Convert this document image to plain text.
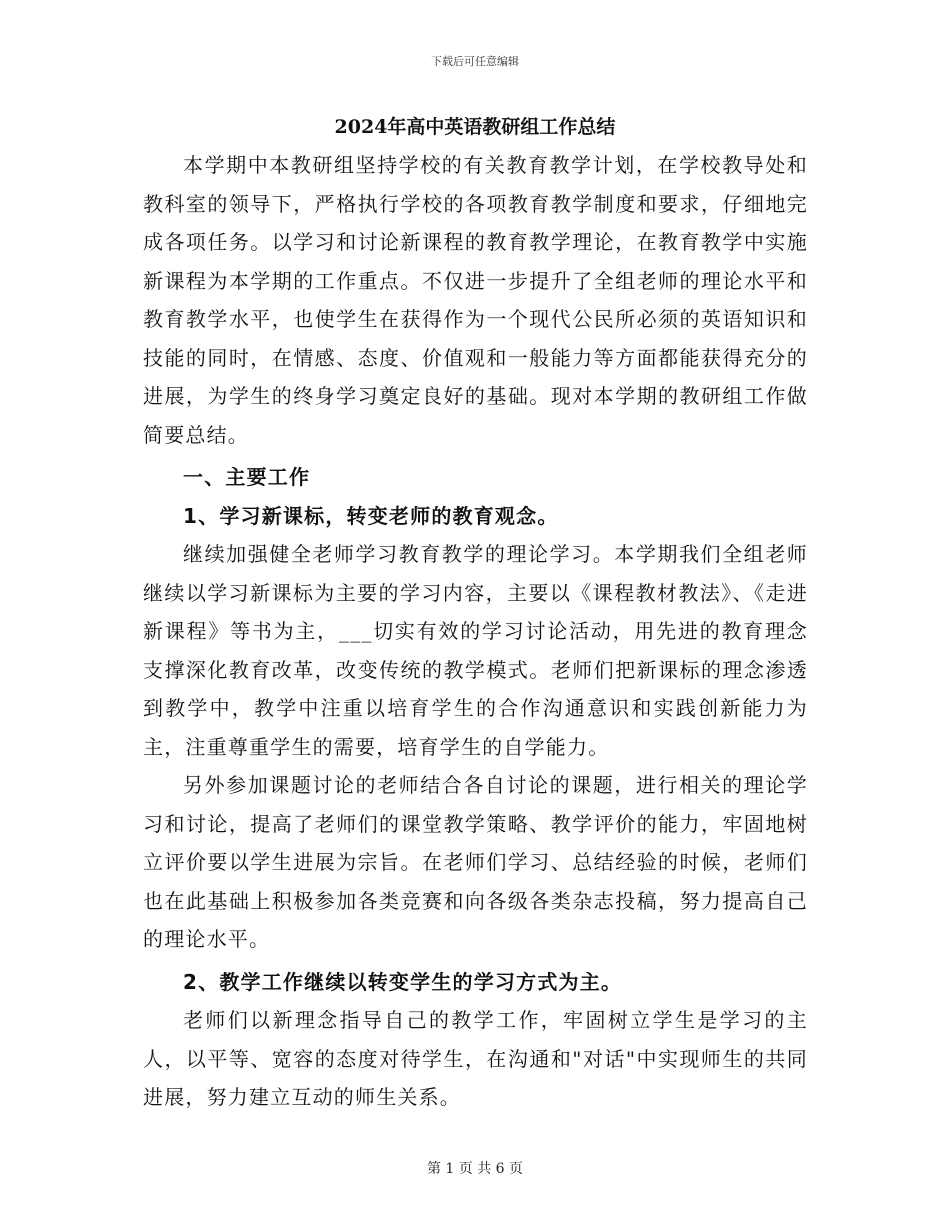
下载后可任意编辑
2024年高中英语教研组工作总结

本学期中本教研组坚持学校的有关教育教学计划，在学校教导处和教科室的领导下，严格执行学校的各项教育教学制度和要求，仔细地完成各项任务。以学习和讨论新课程的教育教学理论，在教育教学中实施新课程为本学期的工作重点。不仅进一步提升了全组老师的理论水平和教育教学水平，也使学生在获得作为一个现代公民所必须的英语知识和技能的同时，在情感、态度、价值观和一般能力等方面都能获得充分的进展，为学生的终身学习奠定良好的基础。现对本学期的教研组工作做简要总结。

一、主要工作

1、学习新课标，转变老师的教育观念。

继续加强健全老师学习教育教学的理论学习。本学期我们全组老师继续以学习新课标为主要的学习内容，主要以《课程教材教法》、《走进新课程》等书为主，___切实有效的学习讨论活动，用先进的教育理念支撑深化教育改革，改变传统的教学模式。老师们把新课标的理念渗透到教学中，教学中注重以培育学生的合作沟通意识和实践创新能力为主，注重尊重学生的需要，培育学生的自学能力。

另外参加课题讨论的老师结合各自讨论的课题，进行相关的理论学习和讨论，提高了老师们的课堂教学策略、教学评价的能力，牢固地树立评价要以学生进展为宗旨。在老师们学习、总结经验的时候，老师们也在此基础上积极参加各类竞赛和向各级各类杂志投稿，努力提高自己的理论水平。

2、教学工作继续以转变学生的学习方式为主。

老师们以新理念指导自己的教学工作，牢固树立学生是学习的主人，以平等、宽容的态度对待学生，在沟通和"对话"中实现师生的共同进展，努力建立互动的师生关系。

第 1 页 共 6 页
